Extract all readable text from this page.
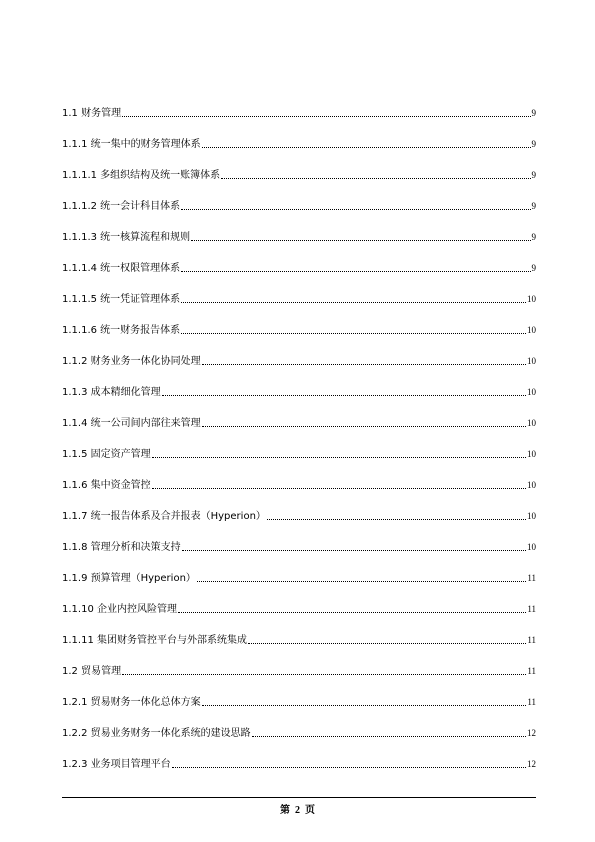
1.1 财务管理	9
1.1.1 统一集中的财务管理体系	9
1.1.1.1 多组织结构及统一账簿体系	9
1.1.1.2 统一会计科目体系	9
1.1.1.3 统一核算流程和规则	9
1.1.1.4 统一权限管理体系	9
1.1.1.5 统一凭证管理体系	10
1.1.1.6 统一财务报告体系	10
1.1.2 财务业务一体化协同处理	10
1.1.3 成本精细化管理	10
1.1.4 统一公司间内部往来管理	10
1.1.5 固定资产管理	10
1.1.6 集中资金管控	10
1.1.7 统一报告体系及合并报表（Hyperion）	10
1.1.8 管理分析和决策支持	10
1.1.9 预算管理（Hyperion）	11
1.1.10 企业内控风险管理	11
1.1.11 集团财务管控平台与外部系统集成	11
1.2 贸易管理	11
1.2.1 贸易财务一体化总体方案	11
1.2.2 贸易业务财务一体化系统的建设思路	12
1.2.3 业务项目管理平台	12
第 2 页
